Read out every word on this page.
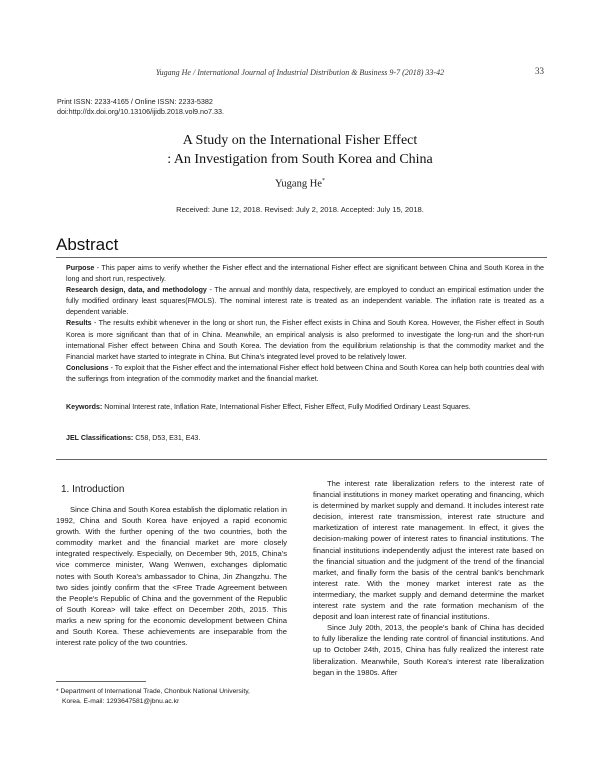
Yugang He / International Journal of Industrial Distribution & Business 9-7 (2018) 33-42	33
Print ISSN: 2233-4165 / Online ISSN: 2233-5382
doi:http://dx.doi.org/10.13106/ijidb.2018.vol9.no7.33.
A Study on the International Fisher Effect
: An Investigation from South Korea and China
Yugang He*
Received: June 12, 2018. Revised: July 2, 2018. Accepted: July 15, 2018.
Abstract

Purpose - This paper aims to verify whether the Fisher effect and the international Fisher effect are significant between China and South Korea in the long and short run, respectively.

Research design, data, and methodology - The annual and monthly data, respectively, are employed to conduct an empirical estimation under the fully modified ordinary least squares(FMOLS). The nominal interest rate is treated as an independent variable. The inflation rate is treated as a dependent variable.

Results - The results exhibit whenever in the long or short run, the Fisher effect exists in China and South Korea. However, the Fisher effect in South Korea is more significant than that of in China. Meanwhile, an empirical analysis is also preformed to investigate the long-run and the short-run international Fisher effect between China and South Korea. The deviation from the equilibrium relationship is that the commodity market and the Financial market have started to integrate in China. But China's integrated level proved to be relatively lower.

Conclusions - To exploit that the Fisher effect and the international Fisher effect hold between China and South Korea can help both countries deal with the sufferings from integration of the commodity market and the financial market.

Keywords: Nominal Interest rate, Inflation Rate, International Fisher Effect, Fisher Effect, Fully Modified Ordinary Least Squares.
JEL Classifications: C58, D53, E31, E43.
1. Introduction

Since China and South Korea establish the diplomatic relation in 1992, China and South Korea have enjoyed a rapid economic growth. With the further opening of the two countries, both the commodity market and the financial market are more closely integrated respectively. Especially, on December 9th, 2015, China's vice commerce minister, Wang Wenwen, exchanges diplomatic notes with South Korea's ambassador to China, Jin Zhangzhu. The two sides jointly confirm that the <Free Trade Agreement between the People's Republic of China and the government of the Republic of South Korea> will take effect on December 20th, 2015. This marks a new spring for the economic development between China and South Korea. These achievements are inseparable from the interest rate policy of the two countries.

* Department of International Trade, Chonbuk National University,
Korea. E-mail: 1293647581@jbnu.ac.kr

The interest rate liberalization refers to the interest rate of financial institutions in money market operating and financing, which is determined by market supply and demand. It includes interest rate decision, interest rate transmission, interest rate structure and marketization of interest rate management. In effect, it gives the decision-making power of interest rates to financial institutions. The financial institutions independently adjust the interest rate based on the financial situation and the judgment of the trend of the financial market, and finally form the basis of the central bank's benchmark interest rate. With the money market interest rate as the intermediary, the market supply and demand determine the market interest rate system and the rate formation mechanism of the deposit and loan interest rate of financial institutions.

Since July 20th, 2013, the people's bank of China has decided to fully liberalize the lending rate control of financial institutions. And up to October 24th, 2015, China has fully realized the interest rate liberalization. Meanwhile, South Korea's interest rate liberalization began in the 1980s. After
